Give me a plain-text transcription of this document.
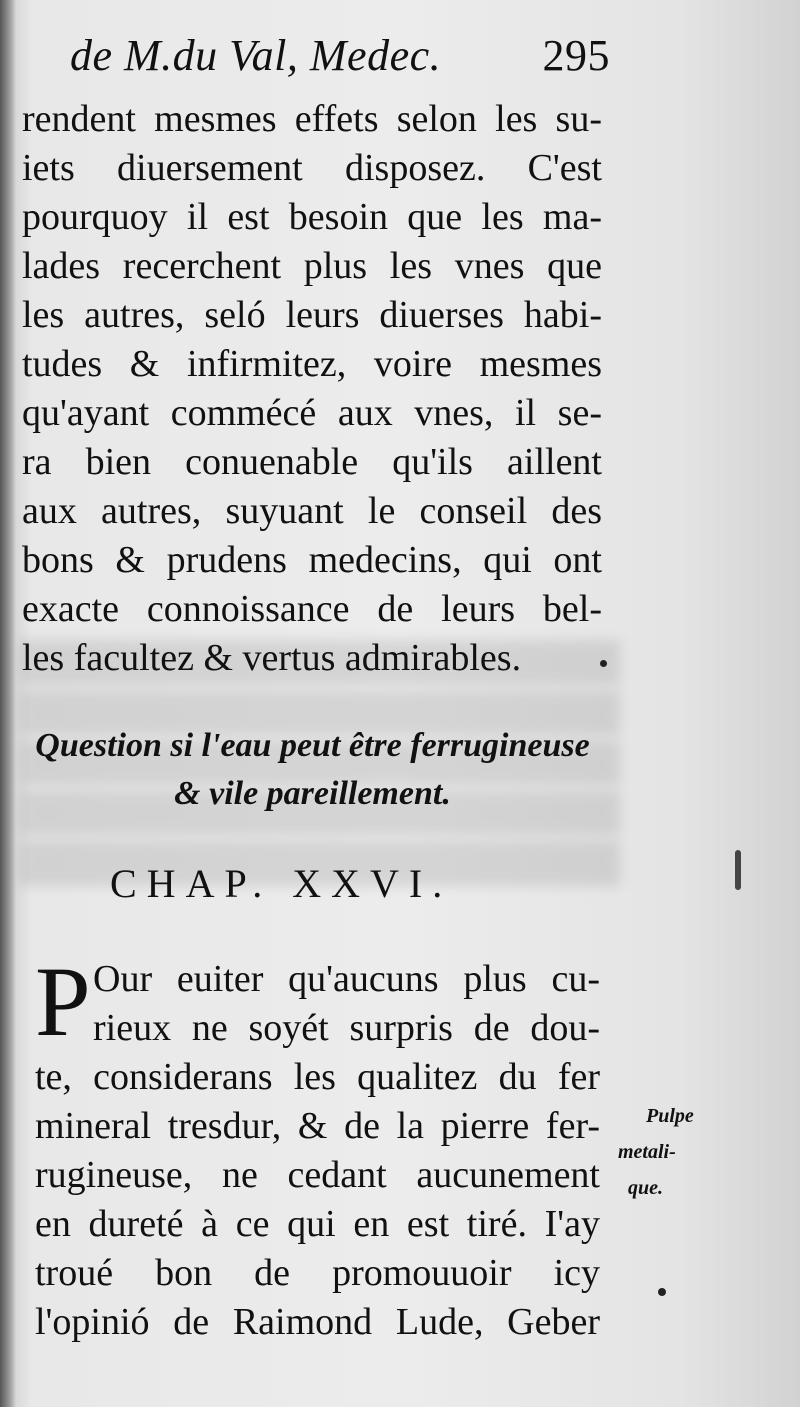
de M.du Val, Medec. 295
rendent mesmes effets selon les su-
iets diuersement disposez. C'est
pourquoy il est besoin que les ma-
lades recerchent plus les vnes que
les autres, seló leurs diuerses habi-
tudes & infirmitez, voire mesmes
qu'ayant commécé aux vnes, il se-
ra bien conuenable qu'ils aillent
aux autres, suyuant le conseil des
bons & prudens medecins, qui ont
exacte connoissance de leurs bel-
les facultez & vertus admirables.
Question si l'eau peut être ferrugineuse
& vile pareillement.
CHAP. XXVI.
P Our euiter qu'aucuns plus cu-
rieux ne soyét surpris de dou-
te, considerans les qualitez du fer
mineral tresdur, & de la pierre fer-
rugineuse, ne cedant aucunement
en dureté à ce qui en est tiré. I'ay
troué bon de promouuoir icy
l'opinió de Raimond Lude, Geber
Pulpe
metali-
que.
